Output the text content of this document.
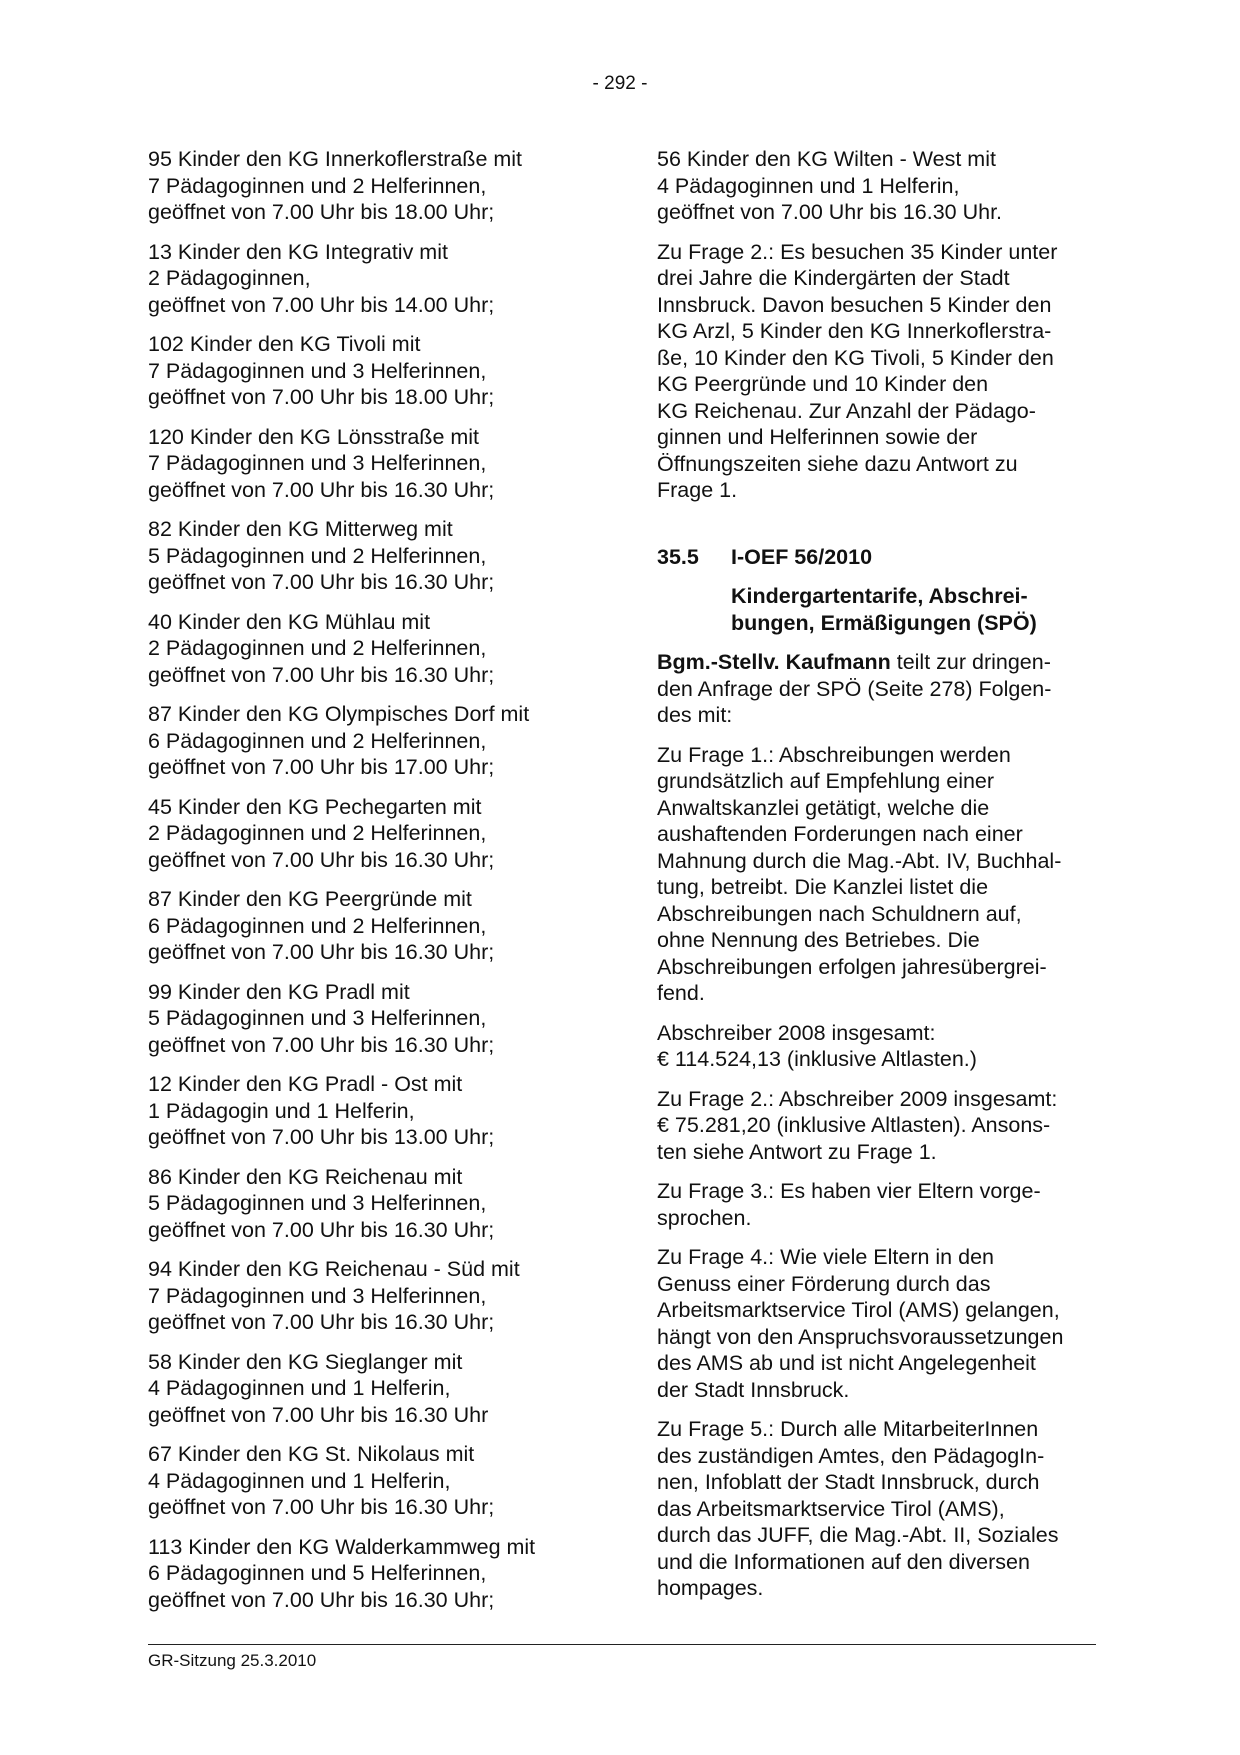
- 292 -
95 Kinder den KG Innerkoflerstraße mit
7 Pädagoginnen und 2 Helferinnen,
geöffnet von 7.00 Uhr bis 18.00 Uhr;
13 Kinder den KG Integrativ mit
2 Pädagoginnen,
geöffnet von 7.00 Uhr bis 14.00 Uhr;
102 Kinder den KG Tivoli mit
7 Pädagoginnen und 3 Helferinnen,
geöffnet von 7.00 Uhr bis 18.00 Uhr;
120 Kinder den KG Lönsstraße mit
7 Pädagoginnen und 3 Helferinnen,
geöffnet von 7.00 Uhr bis 16.30 Uhr;
82 Kinder den KG Mitterweg mit
5 Pädagoginnen und 2 Helferinnen,
geöffnet von 7.00 Uhr bis 16.30 Uhr;
40 Kinder den KG Mühlau mit
2 Pädagoginnen und 2 Helferinnen,
geöffnet von 7.00 Uhr bis 16.30 Uhr;
87 Kinder den KG Olympisches Dorf mit
6 Pädagoginnen und 2 Helferinnen,
geöffnet von 7.00 Uhr bis 17.00 Uhr;
45 Kinder den KG Pechegarten mit
2 Pädagoginnen und 2 Helferinnen,
geöffnet von 7.00 Uhr bis 16.30 Uhr;
87 Kinder den KG Peergründe mit
6 Pädagoginnen und 2 Helferinnen,
geöffnet von 7.00 Uhr bis 16.30 Uhr;
99 Kinder den KG Pradl mit
5 Pädagoginnen und 3 Helferinnen,
geöffnet von 7.00 Uhr bis 16.30 Uhr;
12 Kinder den KG Pradl - Ost mit
1 Pädagogin und 1 Helferin,
geöffnet von 7.00 Uhr bis 13.00 Uhr;
86 Kinder den KG Reichenau mit
5 Pädagoginnen und 3 Helferinnen,
geöffnet von 7.00 Uhr bis 16.30 Uhr;
94 Kinder den KG Reichenau - Süd mit
7 Pädagoginnen und 3 Helferinnen,
geöffnet von 7.00 Uhr bis 16.30 Uhr;
58 Kinder den KG Sieglanger mit
4 Pädagoginnen und 1 Helferin,
geöffnet von 7.00 Uhr bis 16.30 Uhr
67 Kinder den KG St. Nikolaus mit
4 Pädagoginnen und 1 Helferin,
geöffnet von 7.00 Uhr bis 16.30 Uhr;
113 Kinder den KG Walderkammweg mit
6 Pädagoginnen und 5 Helferinnen,
geöffnet von 7.00 Uhr bis 16.30 Uhr;
56 Kinder den KG Wilten - West mit
4 Pädagoginnen und 1 Helferin,
geöffnet von 7.00 Uhr bis 16.30 Uhr.
Zu Frage 2.: Es besuchen 35 Kinder unter
drei Jahre die Kindergärten der Stadt
Innsbruck. Davon besuchen 5 Kinder den
KG Arzl, 5 Kinder den KG Innerkoflerstra-
ße, 10 Kinder den KG Tivoli, 5 Kinder den
KG Peergründe und 10 Kinder den
KG Reichenau. Zur Anzahl der Pädago-
ginnen und Helferinnen sowie der
Öffnungszeiten siehe dazu Antwort zu
Frage 1.
35.5 I-OEF 56/2010
Kindergartentarife, Abschrei-
bungen, Ermäßigungen (SPÖ)
Bgm.-Stellv. Kaufmann teilt zur dringen-
den Anfrage der SPÖ (Seite 278) Folgen-
des mit:
Zu Frage 1.: Abschreibungen werden
grundsätzlich auf Empfehlung einer
Anwaltskanzlei getätigt, welche die
aushaftenden Forderungen nach einer
Mahnung durch die Mag.-Abt. IV, Buchhal-
tung, betreibt. Die Kanzlei listet die
Abschreibungen nach Schuldnern auf,
ohne Nennung des Betriebes. Die
Abschreibungen erfolgen jahresübergrei-
fend.
Abschreiber 2008 insgesamt:
€ 114.524,13 (inklusive Altlasten.)
Zu Frage 2.: Abschreiber 2009 insgesamt:
€ 75.281,20 (inklusive Altlasten). Ansons-
ten siehe Antwort zu Frage 1.
Zu Frage 3.: Es haben vier Eltern vorge-
sprochen.
Zu Frage 4.: Wie viele Eltern in den
Genuss einer Förderung durch das
Arbeitsmarktservice Tirol (AMS) gelangen,
hängt von den Anspruchsvoraussetzungen
des AMS ab und ist nicht Angelegenheit
der Stadt Innsbruck.
Zu Frage 5.: Durch alle MitarbeiterInnen
des zuständigen Amtes, den PädagogIn-
nen, Infoblatt der Stadt Innsbruck, durch
das Arbeitsmarktservice Tirol (AMS),
durch das JUFF, die Mag.-Abt. II, Soziales
und die Informationen auf den diversen
hompages.
GR-Sitzung 25.3.2010
